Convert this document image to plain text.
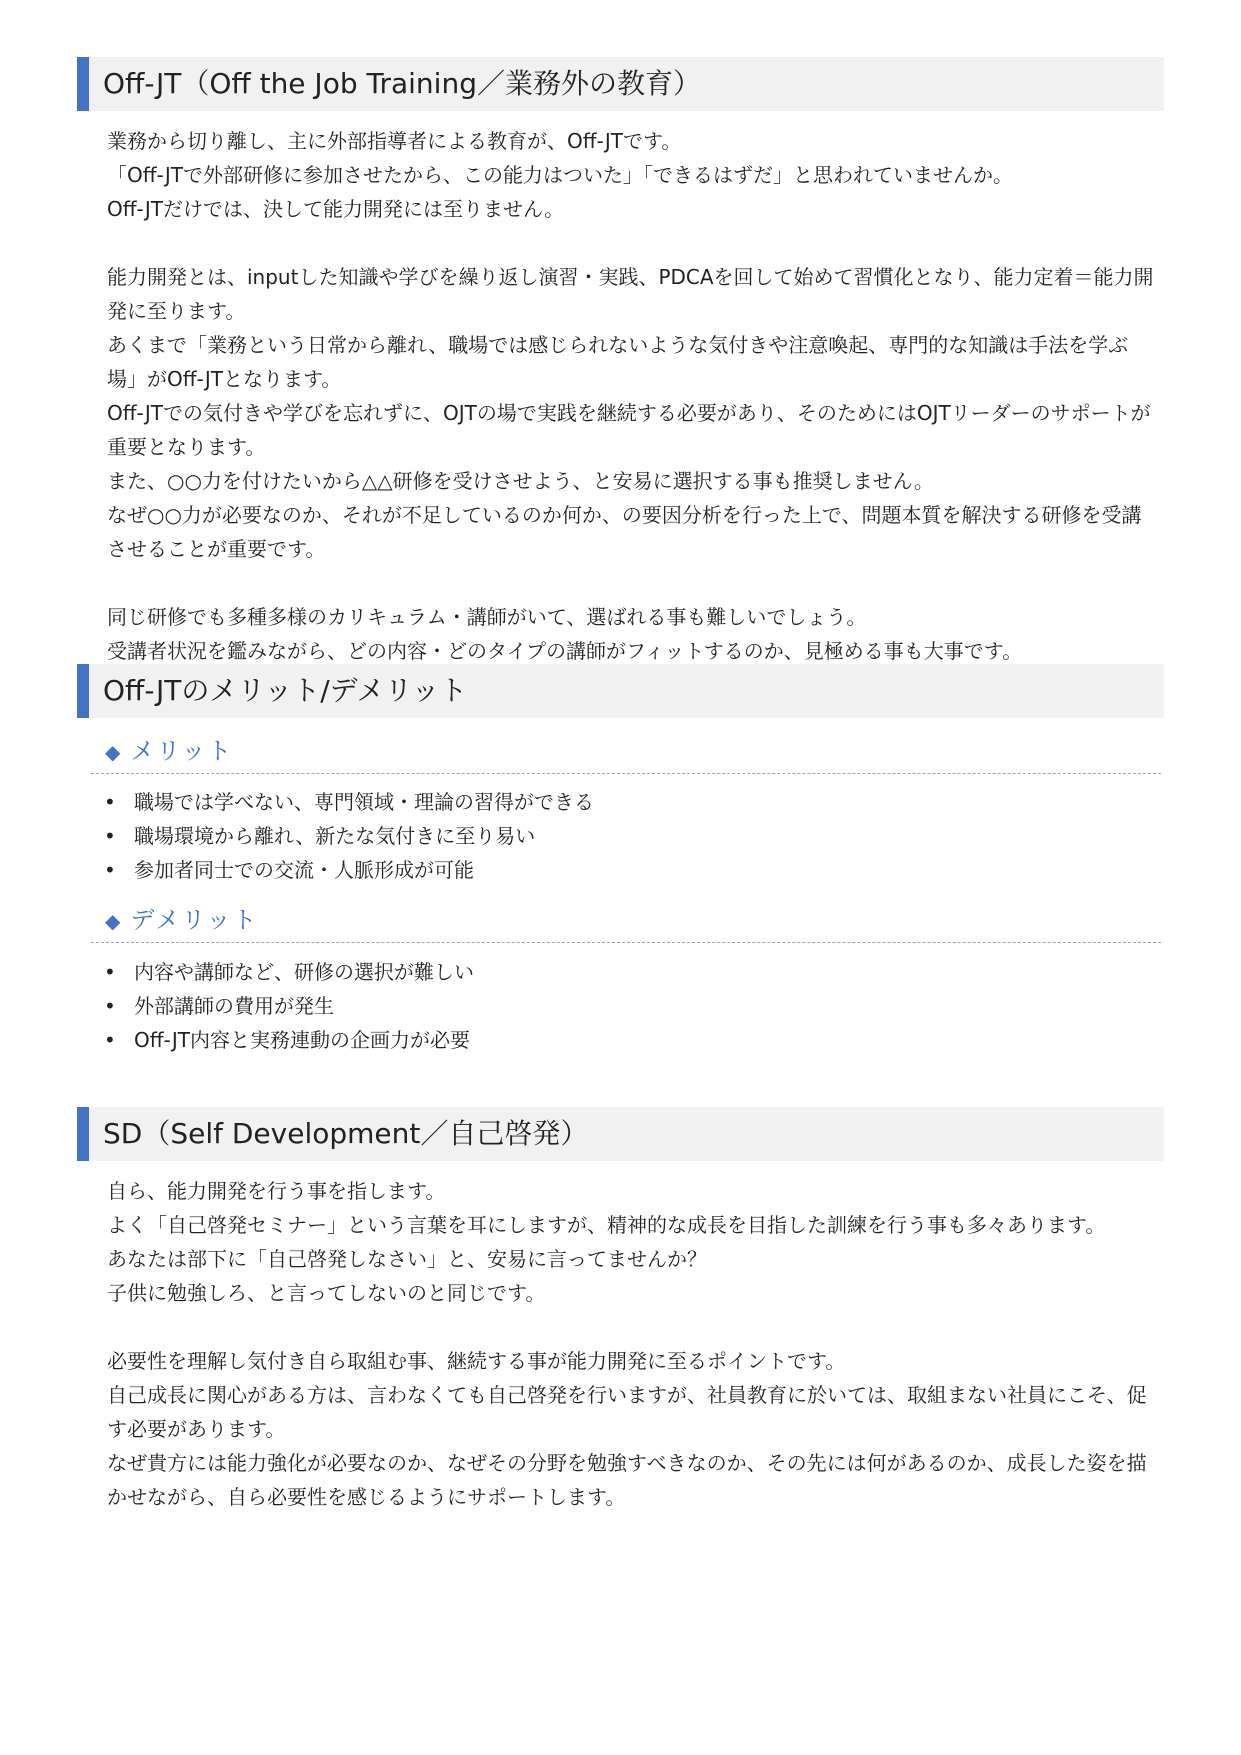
Off-JT（Off the Job Training／業務外の教育）

業務から切り離し、主に外部指導者による教育が、Off-JTです。

「Off-JTで外部研修に参加させたから、この能力はついた」「できるはずだ」と思われていませんか。

Off-JTだけでは、決して能力開発には至りません。

能力開発とは、inputした知識や学びを繰り返し演習・実践、PDCAを回して始めて習慣化となり、能力定着＝能力開発に至ります。

あくまで「業務という日常から離れ、職場では感じられないような気付きや注意喚起、専門的な知識は手法を学ぶ場」がOff-JTとなります。

Off-JTでの気付きや学びを忘れずに、OJTの場で実践を継続する必要があり、そのためにはOJTリーダーのサポートが重要となります。

また、○○力を付けたいから△△研修を受けさせよう、と安易に選択する事も推奨しません。

なぜ○○力が必要なのか、それが不足しているのか何か、の要因分析を行った上で、問題本質を解決する研修を受講させることが重要です。

同じ研修でも多種多様のカリキュラム・講師がいて、選ばれる事も難しいでしょう。

受講者状況を鑑みながら、どの内容・どのタイプの講師がフィットするのか、見極める事も大事です。

Off-JTのメリット/デメリット
◆ メリット
• 職場では学べない、専門領域・理論の習得ができる
• 職場環境から離れ、新たな気付きに至り易い
• 参加者同士での交流・人脈形成が可能
◆ デメリット
• 内容や講師など、研修の選択が難しい
• 外部講師の費用が発生
• Off-JT内容と実務連動の企画力が必要
SD（Self Development／自己啓発）

自ら、能力開発を行う事を指します。

よく「自己啓発セミナー」という言葉を耳にしますが、精神的な成長を目指した訓練を行う事も多々あります。

あなたは部下に「自己啓発しなさい」と、安易に言ってませんか？

子供に勉強しろ、と言ってしないのと同じです。

必要性を理解し気付き自ら取組む事、継続する事が能力開発に至るポイントです。

自己成長に関心がある方は、言わなくても自己啓発を行いますが、社員教育に於いては、取組まない社員にこそ、促す必要があります。

なぜ貴方には能力強化が必要なのか、なぜその分野を勉強すべきなのか、その先には何があるのか、成長した姿を描かせながら、自ら必要性を感じるようにサポートします。
